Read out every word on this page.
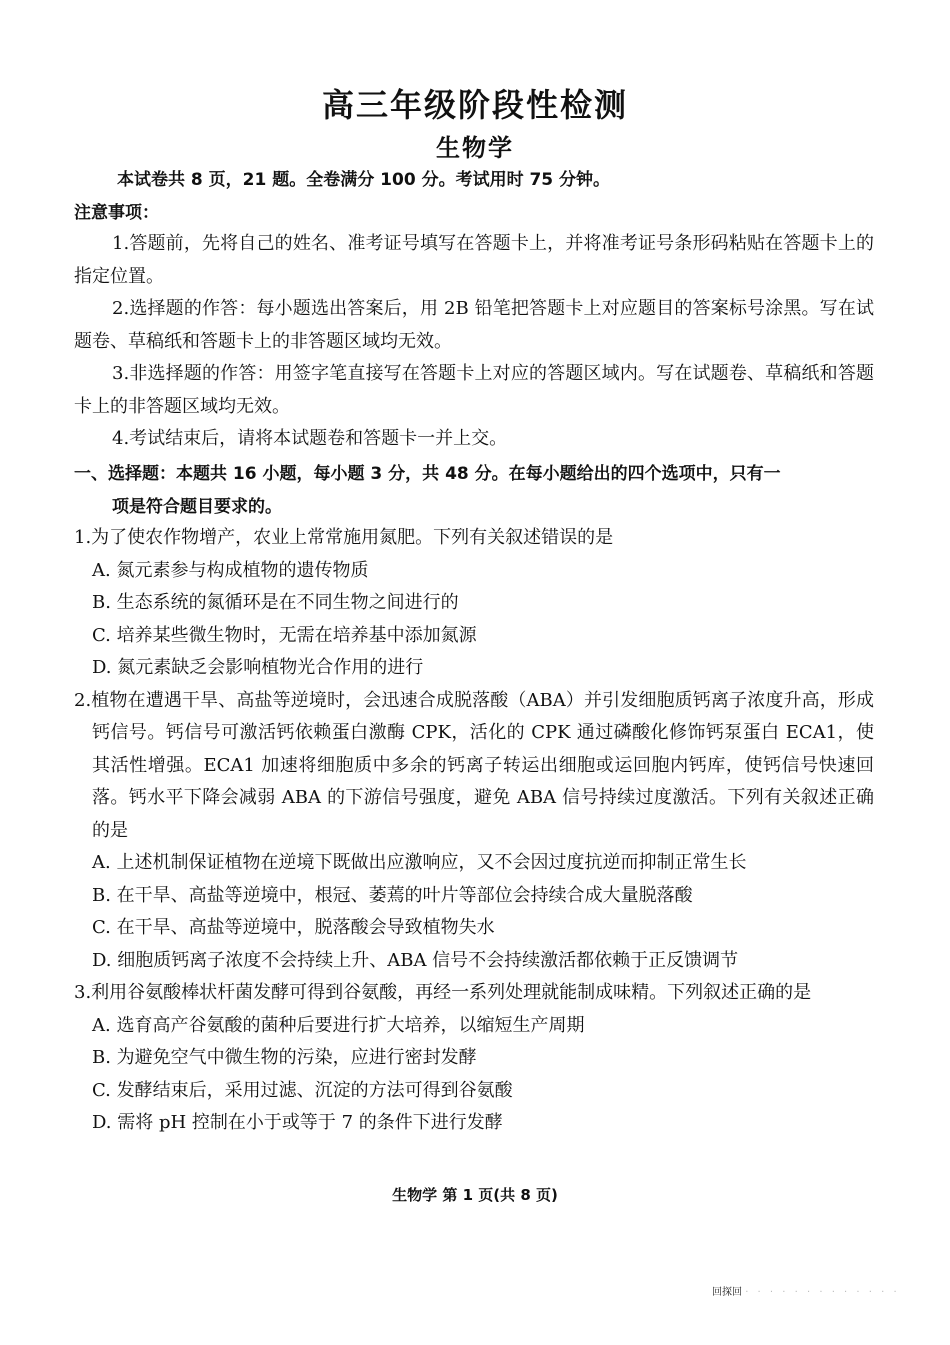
高三年级阶段性检测
生物学
本试卷共 8 页，21 题。全卷满分 100 分。考试用时 75 分钟。
注意事项：

1.答题前，先将自己的姓名、准考证号填写在答题卡上，并将准考证号条形码粘贴在答题卡上的指定位置。

2.选择题的作答：每小题选出答案后，用 2B 铅笔把答题卡上对应题目的答案标号涂黑。写在试题卷、草稿纸和答题卡上的非答题区域均无效。

3.非选择题的作答：用签字笔直接写在答题卡上对应的答题区域内。写在试题卷、草稿纸和答题卡上的非答题区域均无效。

4.考试结束后，请将本试题卷和答题卡一并上交。

一、选择题：本题共 16 小题，每小题 3 分，共 48 分。在每小题给出的四个选项中，只有一
项是符合题目要求的。

1.为了使农作物增产，农业上常常施用氮肥。下列有关叙述错误的是

A. 氮元素参与构成植物的遗传物质

B. 生态系统的氮循环是在不同生物之间进行的

C. 培养某些微生物时，无需在培养基中添加氮源

D. 氮元素缺乏会影响植物光合作用的进行

2.植物在遭遇干旱、高盐等逆境时，会迅速合成脱落酸（ABA）并引发细胞质钙离子浓度升高，形成钙信号。钙信号可激活钙依赖蛋白激酶 CPK，活化的 CPK 通过磷酸化修饰钙泵蛋白 ECA1，使其活性增强。ECA1 加速将细胞质中多余的钙离子转运出细胞或运回胞内钙库，使钙信号快速回落。钙水平下降会减弱 ABA 的下游信号强度，避免 ABA 信号持续过度激活。下列有关叙述正确的是

A. 上述机制保证植物在逆境下既做出应激响应，又不会因过度抗逆而抑制正常生长

B. 在干旱、高盐等逆境中，根冠、萎蔫的叶片等部位会持续合成大量脱落酸

C. 在干旱、高盐等逆境中，脱落酸会导致植物失水

D. 细胞质钙离子浓度不会持续上升、ABA 信号不会持续激活都依赖于正反馈调节

3.利用谷氨酸棒状杆菌发酵可得到谷氨酸，再经一系列处理就能制成味精。下列叙述正确的是

A. 选育高产谷氨酸的菌种后要进行扩大培养，以缩短生产周期

B. 为避免空气中微生物的污染，应进行密封发酵

C. 发酵结束后，采用过滤、沉淀的方法可得到谷氨酸

D. 需将 pH 控制在小于或等于 7 的条件下进行发酵

生物学 第 1 页(共 8 页)
回探回 · · · · · · · · · · · · ·
